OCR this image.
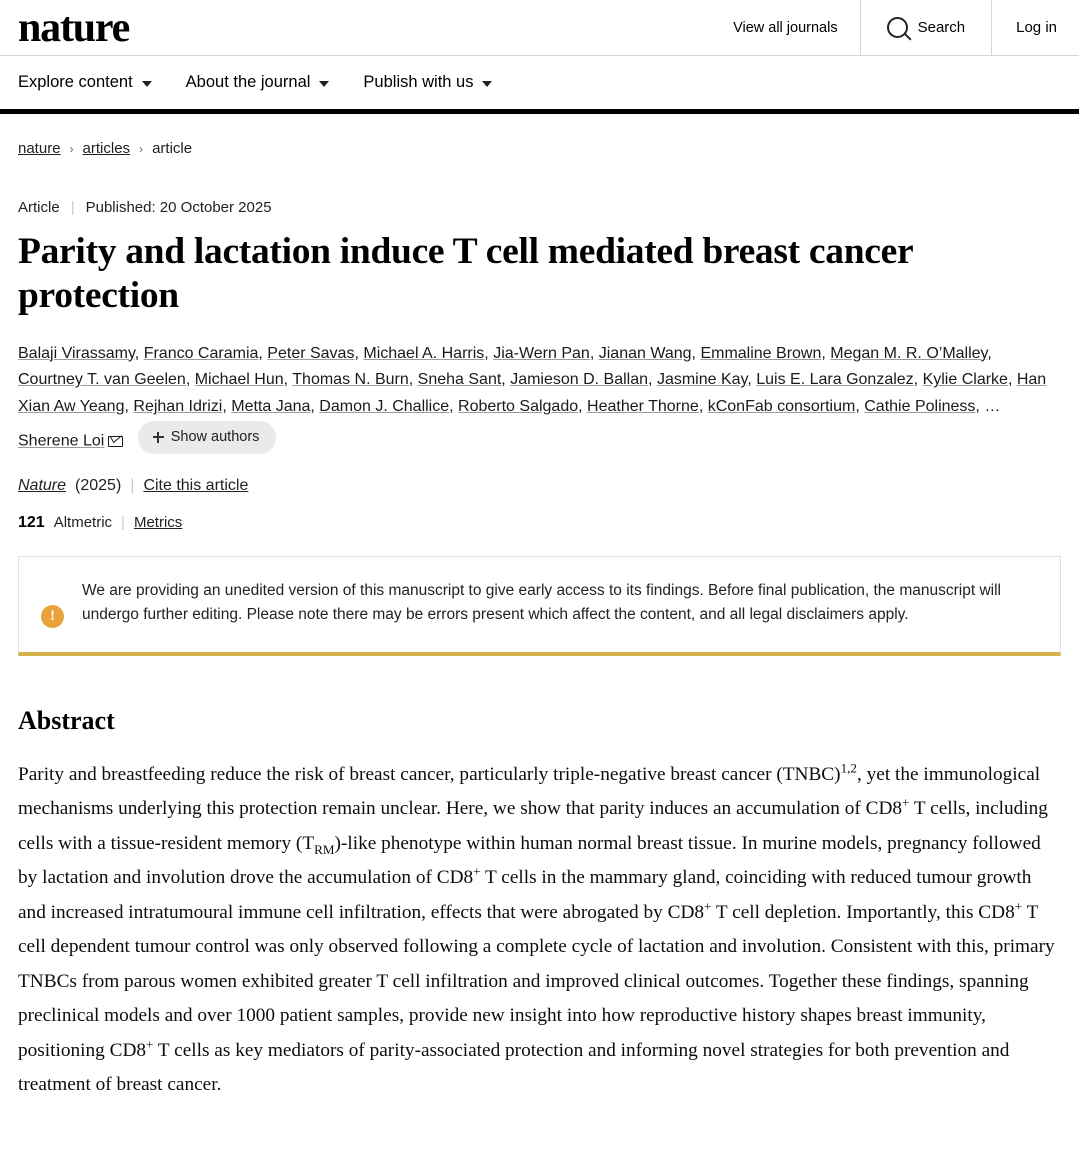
nature	View all journals	Search	Log in
Explore content	About the journal	Publish with us
nature › articles › article
Article | Published: 20 October 2025
Parity and lactation induce T cell mediated breast cancer protection
Balaji Virassamy, Franco Caramia, Peter Savas, Michael A. Harris, Jia-Wern Pan, Jianan Wang, Emmaline Brown, Megan M. R. O’Malley, Courtney T. van Geelen, Michael Hun, Thomas N. Burn, Sneha Sant, Jamieson D. Ballan, Jasmine Kay, Luis E. Lara Gonzalez, Kylie Clarke, Han Xian Aw Yeang, Rejhan Idrizi, Metta Jana, Damon J. Challice, Roberto Salgado, Heather Thorne, kConFab consortium, Cathie Poliness, … Sherene Loi	Show authors
Nature (2025) | Cite this article
121 Altmetric | Metrics
!
We are providing an unedited version of this manuscript to give early access to its findings. Before final publication, the manuscript will undergo further editing. Please note there may be errors present which affect the content, and all legal disclaimers apply.
Abstract
Parity and breastfeeding reduce the risk of breast cancer, particularly triple-negative breast cancer (TNBC)$^{1,2}$, yet the immunological mechanisms underlying this protection remain unclear. Here, we show that parity induces an accumulation of CD8+ T cells, including cells with a tissue-resident memory $(T_{RM})$-like phenotype within human normal breast tissue. In murine models, pregnancy followed by lactation and involution drove the accumulation of CD8+ T cells in the mammary gland, coinciding with reduced tumour growth and increased intratumoural immune cell infiltration, effects that were abrogated by CD8+ T cell depletion. Importantly, this CD8+ T cell dependent tumour control was only observed following a complete cycle of lactation and involution. Consistent with this, primary TNBCs from parous women exhibited greater T cell infiltration and improved clinical outcomes. Together these findings, spanning preclinical models and over 1000 patient samples, provide new insight into how reproductive history shapes breast immunity, positioning CD8+ T cells as key mediators of parity-associated protection and informing novel strategies for both prevention and treatment of breast cancer.
